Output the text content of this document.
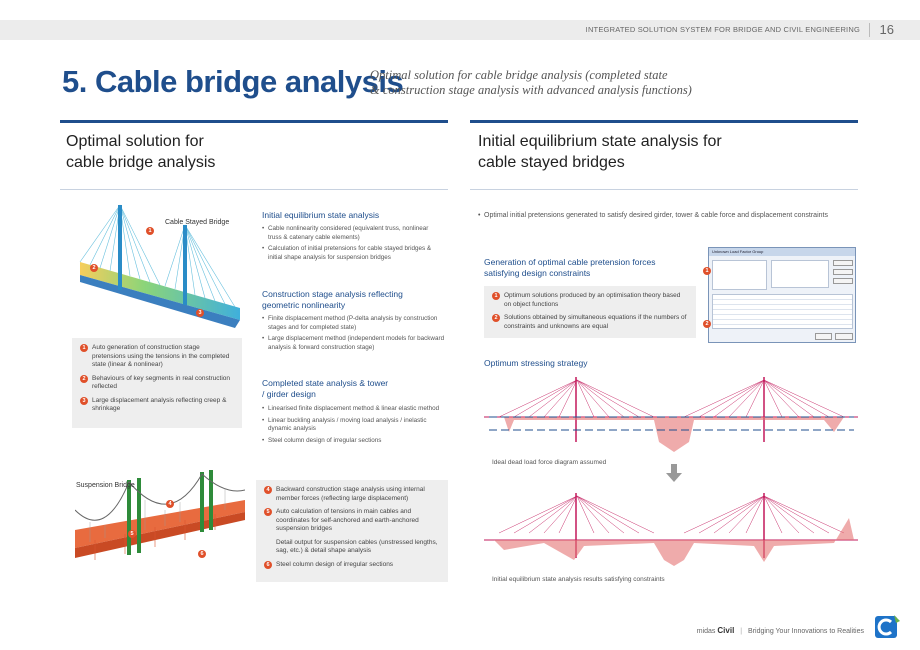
INTEGRATED SOLUTION SYSTEM FOR BRIDGE AND CIVIL ENGINEERING 16
5. Cable bridge analysis
Optimal solution for cable bridge analysis (completed state
& construction stage analysis with advanced analysis functions)
Optimal solution for
cable bridge analysis
Initial equilibrium state analysis for
cable stayed bridges
Cable Stayed Bridge
1
2
3
1 Auto generation of construction stage pretensions using the tensions in the completed state (linear & nonlinear)
2 Behaviours of key segments in real construction reflected
3 Large displacement analysis reflecting creep & shrinkage
Suspension Bridge
4
5
6
Initial equilibrium state analysis
• Cable nonlinearity considered (equivalent truss, nonlinear truss & catenary cable elements)
• Calculation of initial pretensions for cable stayed bridges & initial shape analysis for suspension bridges
Construction stage analysis reflecting
geometric nonlinearity
• Finite displacement method (P-delta analysis by construction stages and for completed state)
• Large displacement method (independent models for backward analysis & forward construction stage)
Completed state analysis & tower
/ girder design
• Linearised finite displacement method & linear elastic method
• Linear buckling analysis / moving load analysis / inelastic dynamic analysis
• Steel column design of irregular sections
4 Backward construction stage analysis using internal member forces (reflecting large displacement)
5 Auto calculation of tensions in main cables and coordinates for self-anchored and earth-anchored suspension bridges
Detail output for suspension cables (unstressed lengths, sag, etc.) & detail shape analysis
6 Steel column design of irregular sections
• Optimal initial pretensions generated to satisfy desired girder, tower & cable force and displacement constraints
Generation of optimal cable pretension forces
satisfying design constraints
1 Optimum solutions produced by an optimisation theory based on object functions
2 Solutions obtained by simultaneous equations if the numbers of constraints and unknowns are equal
Unknown Load Factor Group
1
2
Optimum stressing strategy
Ideal dead load force diagram assumed
Initial equilibrium state analysis results satisfying constraints
midas Civil | Bridging Your Innovations to Realities
